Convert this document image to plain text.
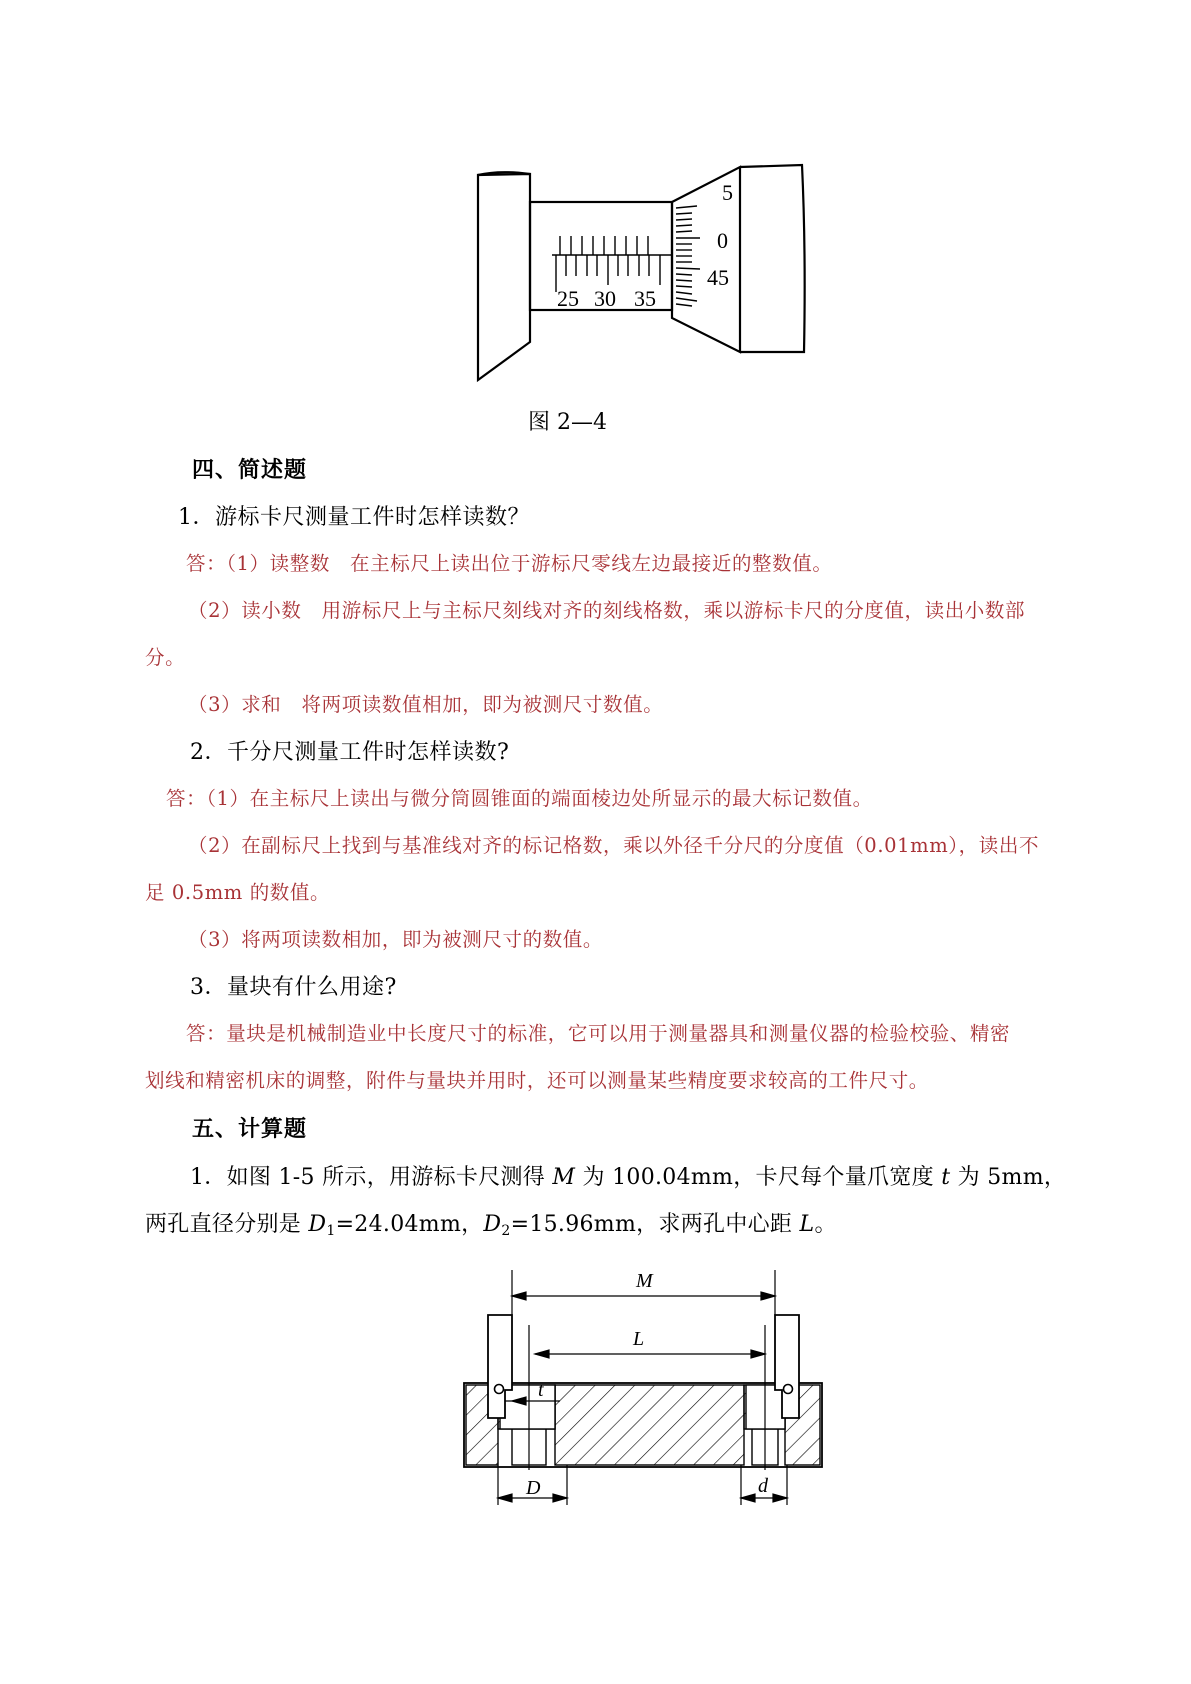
25 30 35
5
0
45
图 2—4
四、简述题
1．游标卡尺测量工件时怎样读数？
答：（1）读整数　在主标尺上读出位于游标尺零线左边最接近的整数值。
（2）读小数　用游标尺上与主标尺刻线对齐的刻线格数，乘以游标卡尺的分度值，读出小数部
分。
（3）求和　将两项读数值相加，即为被测尺寸数值。
2．千分尺测量工件时怎样读数?
答：（1）在主标尺上读出与微分筒圆锥面的端面棱边处所显示的最大标记数值。
（2）在副标尺上找到与基准线对齐的标记格数，乘以外径千分尺的分度值（0.01mm），读出不
足 0.5mm 的数值。
（3）将两项读数相加，即为被测尺寸的数值。
3．量块有什么用途?
答：量块是机械制造业中长度尺寸的标准，它可以用于测量器具和测量仪器的检验校验、精密
划线和精密机床的调整，附件与量块并用时，还可以测量某些精度要求较高的工件尺寸。
五、计算题
1．如图 1-5 所示，用游标卡尺测得 M 为 100.04mm，卡尺每个量爪宽度 t 为 5mm，
两孔直径分别是 $D_1=24.04mm$，$D_2=15.96mm$，求两孔中心距 L。
M
L
t
D	d
